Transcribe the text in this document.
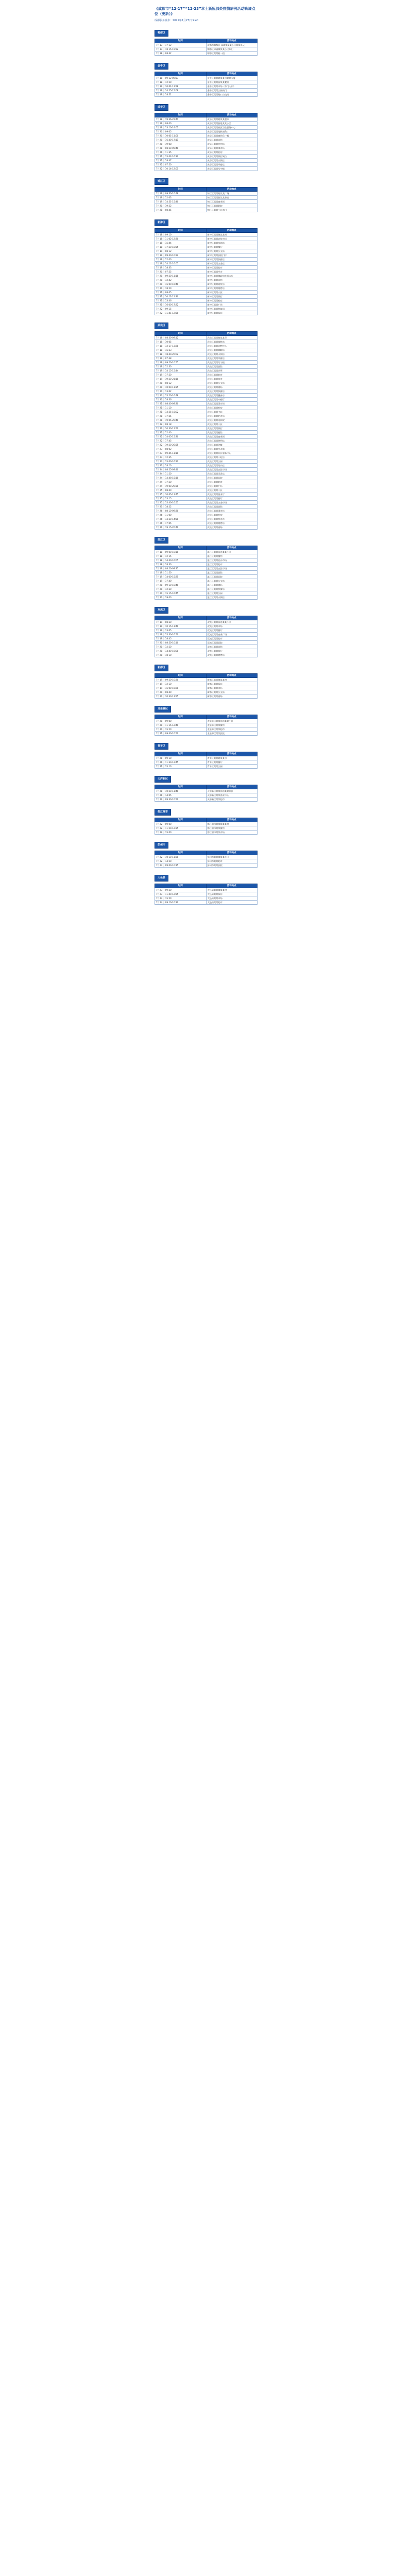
《成都市“12·17”“12·23”本土新冠肺炎疫情病例活动轨迹点位（更新）》
成都服务发布：2021年7月27日 9:40
郫都区
时间	活动地点
7月17日 17:12	成都市郫都区 犀浦镇某某小区某某单元
7月17日 18:15-19:52	郫都区犀浦镇某某小区东门
7月18日 08:42	郫都区某某村一组
金牛区
时间	活动地点
7月18日 09:12-09:57	金牛区某某路某某号某某大厦
7月18日 12:20	金牛区某某街某某餐馆
7月19日 10:01-11:58	金牛区某某市场（东门入口）
7月19日 14:25-15:08	金牛区某某公园南门
7月19日 18:51	金牛区某某路口公交站
成华区
时间	活动地点
7月18日 19:36-22:41	成华区某某路某某超市
7月19日 08:00	成华区某某街道某某小区
7月19日 13:10-14:02	成华区某某社区卫生服务中心
7月20日 09:05	成华区某某地铁站B口
7月20日 10:01-11:00	成华区某某商场负一楼
7月20日 16:40-17:11	成华区某某面馆
7月20日 19:08	成华区某某便利店
7月21日 08:20-09:40	成华区某某菜市场
7月21日 11:35	成华区某某药房
7月21日 15:02-16:30	成华区某某银行网点
7月21日 18:47	成华区某某火锅店
7月22日 07:50	成华区某某早餐店
7月22日 10:14-12:05	成华区某某写字楼
锦江区
时间	活动地点
7月19日 09:30-10:48	锦江区某某路某某广场
7月19日 12:03	锦江区某某街某某茶馆
7月19日 14:51-15:40	锦江区某某商业街
7月20日 19:22	锦江区某某影院
7月21日 08:45	锦江区某某小区南门
新津区
时间	活动地点
7月18日 09:10	新津区某某镇某某村
7月18日 11:02-12:30	新津区某某农贸市场
7月18日 15:44	新津区某某加油站
7月18日 17:30-18:55	新津区某某餐厅
7月19日 08:12	新津区某某公交站
7月19日 09:40-10:22	新津区某某医院门诊
7月19日 12:00	新津区某某快餐店
7月19日 14:11-16:05	新津区某某五金店
7月19日 18:33	新津区某某超市
7月20日 07:55	新津区某某早市
7月20日 09:30-11:18	新津区某某镇政府办事大厅
7月20日 12:42	新津区某某面馆
7月20日 15:09-16:40	新津区某某理发店
7月20日 18:20	新津区某某烧烤店
7月21日 08:05	新津区某某小区
7月21日 10:12-11:30	新津区某某银行
7月21日 13:46	新津区某某药店
7月21日 16:00-17:22	新津区某某广场
7月22日 09:15	新津区某某物流园
7月22日 11:41-12:50	新津区某某饭店
武侯区
时间	活动地点
7月18日 08:30-09:12	武侯区某某路某某号
7月18日 10:05	武侯区某某地铁站
7月18日 12:17-13:20	武侯区某某购物中心
7月18日 15:33	武侯区某某咖啡店
7月18日 18:40-20:02	武侯区某某火锅店
7月19日 07:48	武侯区某某早餐店
7月19日 09:20-10:55	武侯区某某写字楼
7月19日 12:30	武侯区某某面馆
7月19日 14:15-15:44	武侯区某某诊所
7月19日 17:50	武侯区某某超市
7月19日 19:30-21:10	武侯区某某夜市
7月20日 08:12	武侯区某某公交站
7月20日 10:00-11:35	武侯区某某商场
7月20日 13:02	武侯区某某快餐店
7月20日 15:20-16:48	武侯区某某健身房
7月20日 18:36	武侯区某某中餐厅
7月21日 08:40-09:30	武侯区某某菜市场
7月21日 11:10	武侯区某某药房
7月21日 13:55-15:02	武侯区某某书店
7月21日 17:25	武侯区某某奶茶店
7月21日 19:05-20:40	武侯区某某电影院
7月22日 08:18	武侯区某某小区
7月22日 10:30-11:50	武侯区某某银行
7月22日 12:40	武侯区某某餐馆
7月22日 14:05-15:30	武侯区某某商业街
7月22日 17:45	武侯区某某便利店
7月22日 19:20-20:55	武侯区某某酒楼
7月23日 08:02	武侯区某某早点铺
7月23日 09:45-11:10	武侯区某某社区服务中心
7月23日 12:35	武侯区某某小吃店
7月23日 15:00-16:22	武侯区某某公园
7月23日 18:10	武侯区某某烤肉店
7月24日 08:25-09:40	武侯区某某农贸市场
7月24日 11:20	武侯区某某美发店
7月24日 13:48-15:10	武侯区某某医院
7月24日 17:30	武侯区某某超市
7月24日 19:00-20:30	武侯区某某广场
7月25日 08:40	武侯区某某小区
7月25日 10:05-11:45	武侯区某某营业厅
7月25日 13:15	武侯区某某餐厅
7月25日 15:40-16:55	武侯区某某五金市场
7月25日 18:22	武侯区某某面馆
7月26日 08:10-09:30	武侯区某某菜市场
7月26日 11:00	武侯区某某药房
7月26日 13:30-14:50	武侯区某某快递点
7月26日 17:05	武侯区某某烧烤店
7月26日 19:15-20:40	武侯区某某商场
温江区
时间	活动地点
7月18日 09:00-10:10	温江区某某街道某某小区
7月18日 12:15	温江区某某餐馆
7月18日 14:40-16:05	温江区某某花卉市场
7月18日 18:30	温江区某某超市
7月19日 08:20-09:35	温江区某某农贸市场
7月19日 11:50	温江区某某面馆
7月19日 14:00-15:25	温江区某某医院
7月19日 17:40	温江区某某公交站
7月20日 09:10-10:40	温江区某某商场
7月20日 12:30	温江区某某快餐店
7月20日 15:15-16:45	温江区某某公园
7月20日 19:00	温江区某某火锅店
双流区
时间	活动地点
7月19日 08:30	双流区某某街道某某小区
7月19日 10:15-11:40	双流区某某市场
7月19日 13:05	双流区某某餐厅
7月19日 15:30-16:50	双流区某某商业广场
7月19日 18:45	双流区某某超市
7月20日 08:50-10:10	双流区某某医院
7月20日 12:20	双流区某某面馆
7月20日 14:40-16:00	双流区某某银行
7月20日 18:10	双流区某某烧烤店
新都区
时间	活动地点
7月19日 09:20-10:30	新都区某某镇某某村
7月19日 12:10	新都区某某饭店
7月19日 15:00-16:20	新都区某某市场
7月20日 08:40	新都区某某公交站
7月20日 10:30-11:55	新都区某某商场
龙泉驿区
时间	活动地点
7月20日 09:00	龙泉驿区某某街道某某小区
7月20日 11:15-12:40	龙泉驿区某某餐馆
7月20日 15:20	龙泉驿区某某超市
7月21日 09:40-10:50	龙泉驿区某某医院
青羊区
时间	活动地点
7月21日 09:10	青羊区某某路某某号
7月21日 11:30-12:45	青羊区某某餐厅
7月21日 15:10	青羊区某某公园
天府新区
时间	活动地点
7月21日 10:20-11:40	天府新区某某街道某某社区
7月21日 14:05	天府新区某某商业中心
7月22日 09:30-10:50	天府新区某某超市
都江堰市
时间	活动地点
7月22日 09:00	都江堰市某某镇某某村
7月22日 11:20-12:35	都江堰市某某餐馆
7月22日 15:00	都江堰市某某市场
彭州市
时间	活动地点
7月22日 10:10-11:30	彭州市某某镇某某社区
7月22日 14:20	彭州市某某超市
7月23日 09:00-10:15	彭州市某某医院
大邑县
时间	活动地点
7月23日 09:30	大邑县某某镇某某村
7月23日 11:40-12:55	大邑县某某饭店
7月23日 15:20	大邑县某某市场
7月24日 09:10-10:30	大邑县某某超市
